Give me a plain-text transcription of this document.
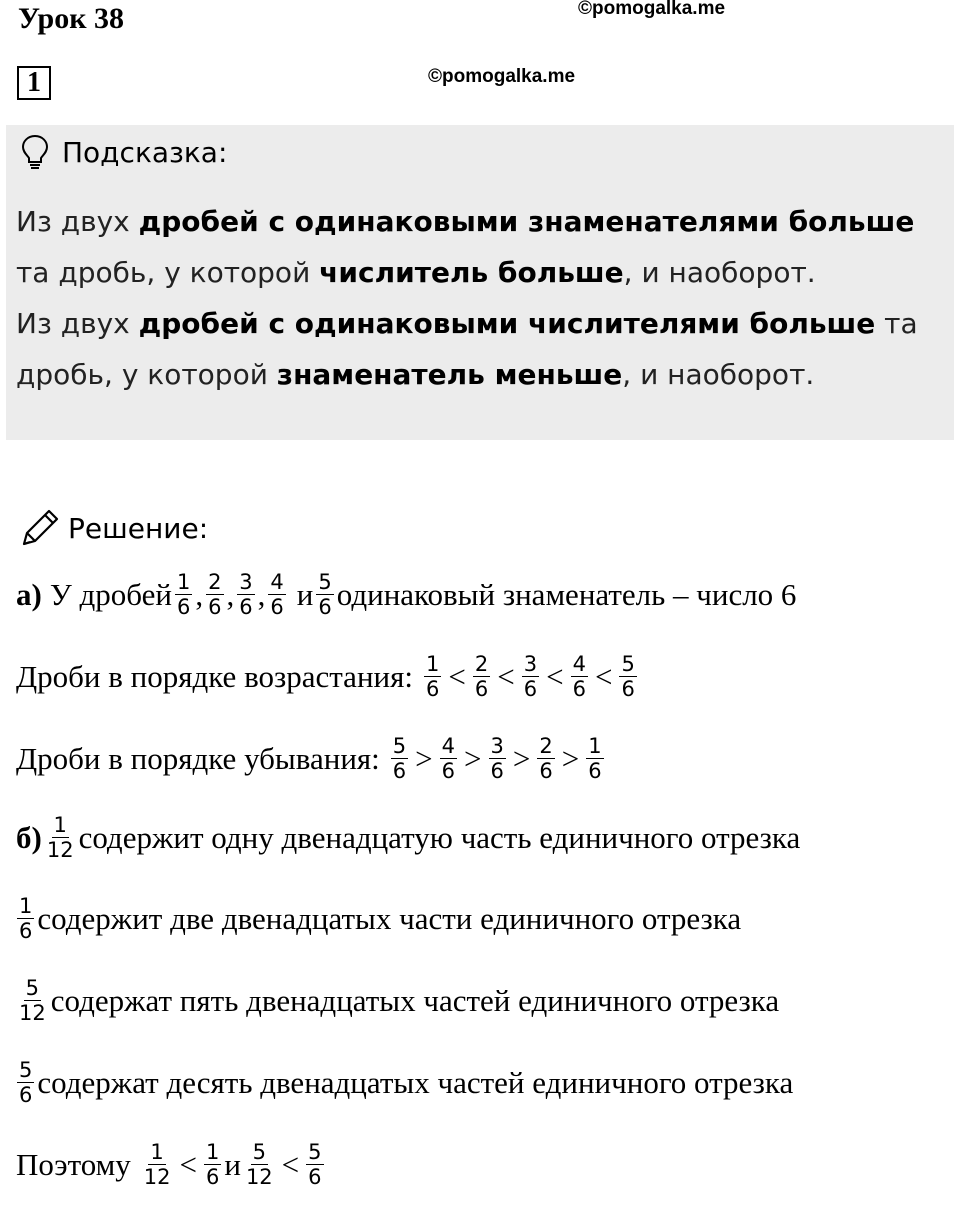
Урок 38	©pomogalka.me
1	©pomogalka.me
Подсказка:
Из двух дробей с одинаковыми знаменателями больше та дробь, у которой числитель больше, и наоборот.
Из двух дробей с одинаковыми числителями больше та дробь, у которой знаменатель меньше, и наоборот.
Решение:
а) У дробей $\frac{1}{6}$ , $\frac{2}{6}$ , $\frac{3}{6}$ , $\frac{4}{6}$ и $\frac{5}{6}$ одинаковый знаменатель – число 6
Дроби в порядке возрастания: $\frac{1}{6} < \frac{2}{6} < \frac{3}{6} < \frac{4}{6} < \frac{5}{6}$
Дроби в порядке убывания: $\frac{5}{6} > \frac{4}{6} > \frac{3}{6} > \frac{2}{6} > \frac{1}{6}$
$б) \frac{1}{12}$ содержит одну двенадцатую часть единичного отрезка
$\frac{1}{6}$ содержит две двенадцатых части единичного отрезка
$\frac{5}{12}$ содержат пять двенадцатых частей единичного отрезка
$\frac{5}{6}$ содержат десять двенадцатых частей единичного отрезка
Поэтому $\frac{1}{12} < \frac{1}{6}$ и $\frac{5}{12} < \frac{5}{6}$
